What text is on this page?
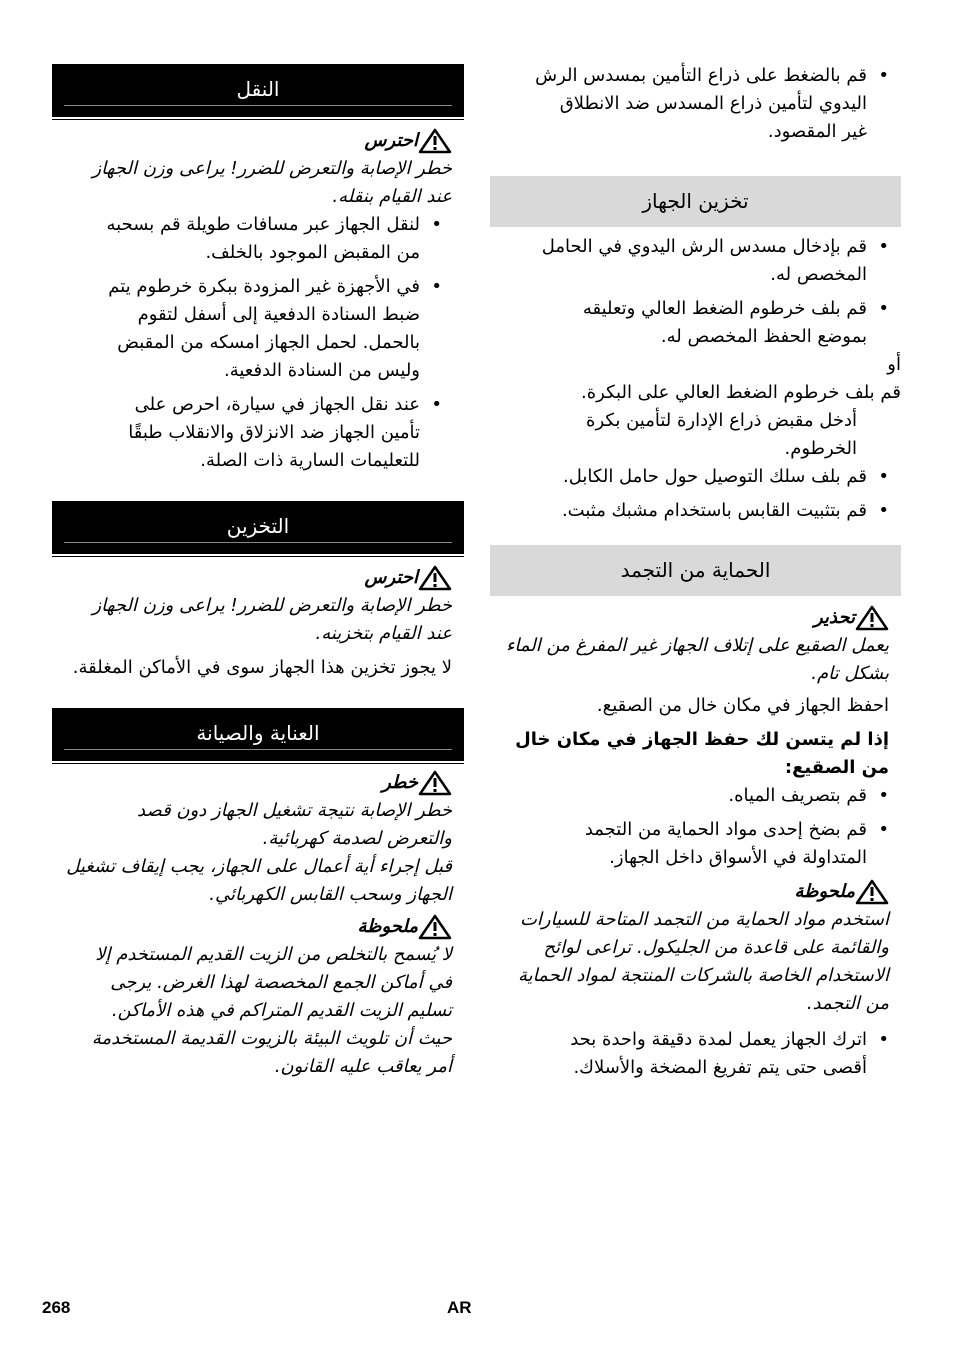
• قم بالضغط على ذراع التأمين بمسدس الرش اليدوي لتأمين ذراع المسدس ضد الانطلاق غير المقصود.
تخزين الجهاز
• قم بإدخال مسدس الرش اليدوي في الحامل المخصص له.
• قم بلف خرطوم الضغط العالي وتعليقه بموضع الحفظ المخصص له.
أو
قم بلف خرطوم الضغط العالي على البكرة.
أدخل مقبض ذراع الإدارة لتأمين بكرة الخرطوم.
• قم بلف سلك التوصيل حول حامل الكابل.
• قم بتثبيت القابس باستخدام مشبك مثبت.
الحماية من التجمد
تحذير
يعمل الصقيع على إتلاف الجهاز غير المفرغ من الماء بشكل تام.
احفظ الجهاز في مكان خال من الصقيع.
إذا لم يتسن لك حفظ الجهاز في مكان خال من الصقيع:
• قم بتصريف المياه.
• قم بضخ إحدى مواد الحماية من التجمد المتداولة في الأسواق داخل الجهاز.
ملحوظة
استخدم مواد الحماية من التجمد المتاحة للسيارات والقائمة على قاعدة من الجليكول. تراعى لوائح الاستخدام الخاصة بالشركات المنتجة لمواد الحماية من التجمد.
• اترك الجهاز يعمل لمدة دقيقة واحدة بحد أقصى حتى يتم تفريغ المضخة والأسلاك.
النقل
احترس
خطر الإصابة والتعرض للضرر! يراعى وزن الجهاز عند القيام بنقله.
• لنقل الجهاز عبر مسافات طويلة قم بسحبه من المقبض الموجود بالخلف.
• في الأجهزة غير المزودة ببكرة خرطوم يتم ضبط السنادة الدفعية إلى أسفل لتقوم بالحمل. لحمل الجهاز امسكه من المقبض وليس من السنادة الدفعية.
• عند نقل الجهاز في سيارة، احرص على تأمين الجهاز ضد الانزلاق والانقلاب طبقًا للتعليمات السارية ذات الصلة.
التخزين
احترس
خطر الإصابة والتعرض للضرر! يراعى وزن الجهاز عند القيام بتخزينه.
لا يجوز تخزين هذا الجهاز سوى في الأماكن المغلقة.
العناية والصيانة
خطر
خطر الإصابة نتيجة تشغيل الجهاز دون قصد والتعرض لصدمة كهربائية.
قبل إجراء أية أعمال على الجهاز، يجب إيقاف تشغيل الجهاز وسحب القابس الكهربائي.
ملحوظة
لا يُسمح بالتخلص من الزيت القديم المستخدم إلا في أماكن الجمع المخصصة لهذا الغرض. يرجى تسليم الزيت القديم المتراكم في هذه الأماكن. حيث أن تلويث البيئة بالزيوت القديمة المستخدمة أمر يعاقب عليه القانون.
268	AR
